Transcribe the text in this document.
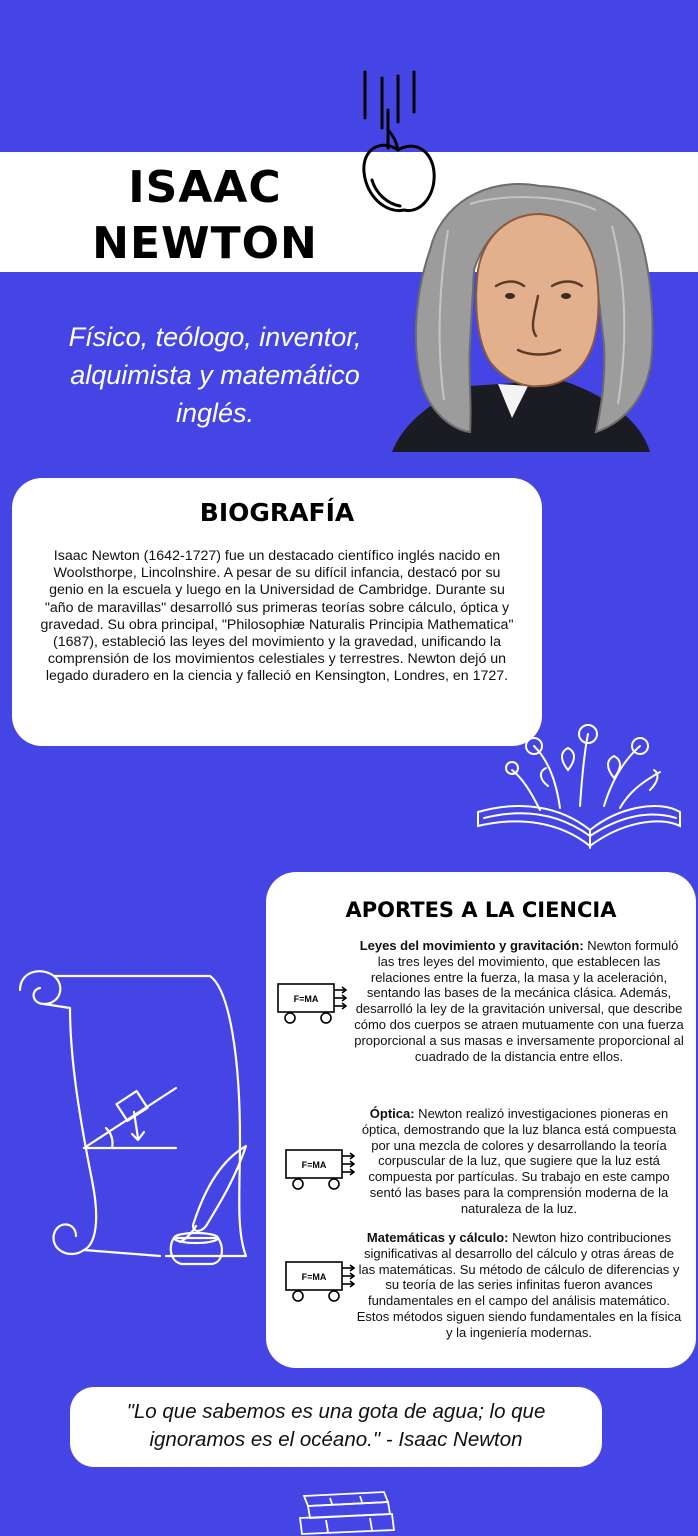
ISAAC NEWTON
Físico, teólogo, inventor, alquimista y matemático inglés.
BIOGRAFÍA

Isaac Newton (1642-1727) fue un destacado científico inglés nacido en Woolsthorpe, Lincolnshire. A pesar de su difícil infancia, destacó por su genio en la escuela y luego en la Universidad de Cambridge. Durante su "año de maravillas" desarrolló sus primeras teorías sobre cálculo, óptica y gravedad. Su obra principal, "Philosophiæ Naturalis Principia Mathematica" (1687), estableció las leyes del movimiento y la gravedad, unificando la comprensión de los movimientos celestiales y terrestres. Newton dejó un legado duradero en la ciencia y falleció en Kensington, Londres, en 1727.

APORTES A LA CIENCIA

Leyes del movimiento y gravitación: Newton formuló las tres leyes del movimiento, que establecen las relaciones entre la fuerza, la masa y la aceleración, sentando las bases de la mecánica clásica. Además, desarrolló la ley de la gravitación universal, que describe cómo dos cuerpos se atraen mutuamente con una fuerza proporcional a sus masas e inversamente proporcional al cuadrado de la distancia entre ellos.

Óptica: Newton realizó investigaciones pioneras en óptica, demostrando que la luz blanca está compuesta por una mezcla de colores y desarrollando la teoría corpuscular de la luz, que sugiere que la luz está compuesta por partículas. Su trabajo en este campo sentó las bases para la comprensión moderna de la naturaleza de la luz.

Matemáticas y cálculo: Newton hizo contribuciones significativas al desarrollo del cálculo y otras áreas de las matemáticas. Su método de cálculo de diferencias y su teoría de las series infinitas fueron avances fundamentales en el campo del análisis matemático. Estos métodos siguen siendo fundamentales en la física y la ingeniería modernas.

F=MA
F=MA
F=MA

"Lo que sabemos es una gota de agua; lo que ignoramos es el océano." - Isaac Newton
